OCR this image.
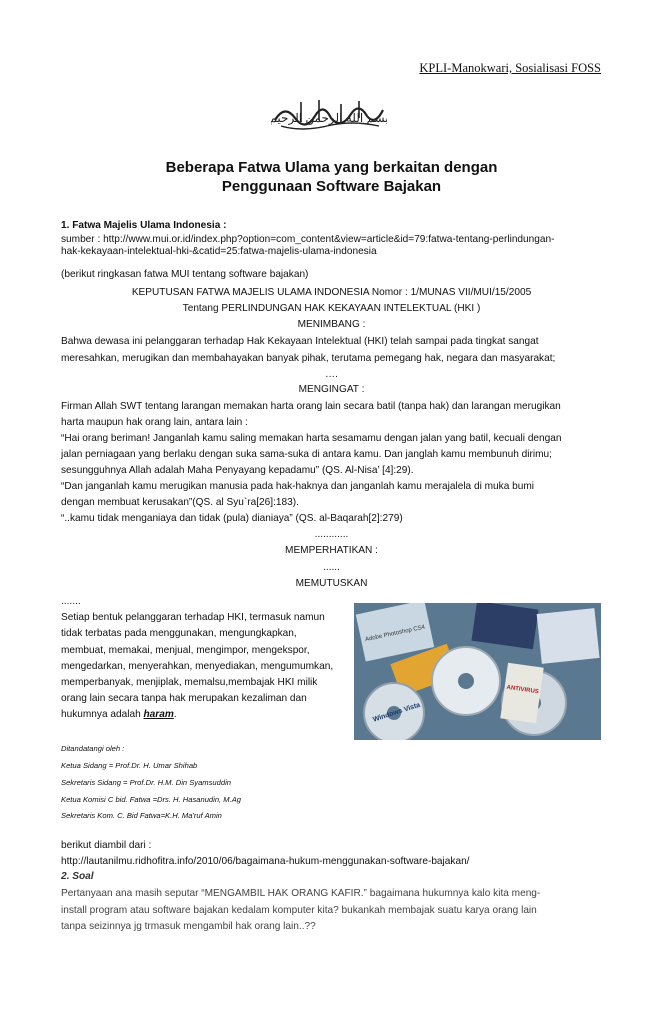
KPLI-Manokwari, Sosialisasi FOSS
بسم الله الرحمن الرحيم
Beberapa Fatwa Ulama yang berkaitan dengan
Penggunaan Software Bajakan
1. Fatwa Majelis Ulama Indonesia :
sumber : http://www.mui.or.id/index.php?option=com_content&view=article&id=79:fatwa-tentang-perlindungan-
hak-kekayaan-intelektual-hki-&catid=25:fatwa-majelis-ulama-indonesia
(berikut ringkasan fatwa MUI tentang software bajakan)
KEPUTUSAN FATWA MAJELIS ULAMA INDONESIA Nomor : 1/MUNAS VII/MUI/15/2005
Tentang PERLINDUNGAN HAK KEKAYAAN INTELEKTUAL (HKI )
MENIMBANG :
Bahwa dewasa ini pelanggaran terhadap Hak Kekayaan Intelektual (HKI) telah sampai pada tingkat sangat
meresahkan, merugikan dan membahayakan banyak pihak, terutama pemegang hak, negara dan masyarakat;
….
MENGINGAT :
Firman Allah SWT tentang larangan memakan harta orang lain secara batil (tanpa hak) dan larangan merugikan
harta maupun hak orang lain, antara lain :
“Hai orang beriman! Janganlah kamu saling memakan harta sesamamu dengan jalan yang batil, kecuali dengan
jalan perniagaan yang berlaku dengan suka sama-suka di antara kamu. Dan janglah kamu membunuh dirimu;
sesungguhnya Allah adalah Maha Penyayang kepadamu” (QS. Al-Nisa’ [4]:29).
“Dan janganlah kamu merugikan manusia pada hak-haknya dan janganlah kamu merajalela di muka bumi
dengan membuat kerusakan”(QS. al Syu`ra[26]:183).
“..kamu tidak menganiaya dan tidak (pula) dianiaya” (QS. al-Baqarah[2]:279)
............
MEMPERHATIKAN :
......
MEMUTUSKAN
.......
Setiap bentuk pelanggaran terhadap HKI, termasuk namun
tidak terbatas pada menggunakan, mengungkapkan,
membuat, memakai, menjual, mengimpor, mengekspor,
mengedarkan, menyerahkan, menyediakan, mengumumkan,
memperbanyak, menjiplak, memalsu,membajak HKI milik
orang lain secara tanpa hak merupakan kezaliman dan
hukumnya adalah haram.
Adobe Photoshop CS4
Windows Vista
ANTIVIRUS
Ditandatangi oleh :
Ketua Sidang = Prof.Dr. H. Umar Shihab
Sekretaris Sidang = Prof.Dr. H.M. Din Syamsuddin
Ketua Komisi C bid. Fatwa =Drs. H. Hasanudin, M.Ag
Sekretaris Kom. C. Bid Fatwa=K.H. Ma'ruf Amin
berikut diambil dari :
http://lautanilmu.ridhofitra.info/2010/06/bagaimana-hukum-menggunakan-software-bajakan/
2. Soal
Pertanyaan ana masih seputar “MENGAMBIL HAK ORANG KAFIR.” bagaimana hukumnya kalo kita meng-
install program atau software bajakan kedalam komputer kita? bukankah membajak suatu karya orang lain
tanpa seizinnya jg trmasuk mengambil hak orang lain..??
